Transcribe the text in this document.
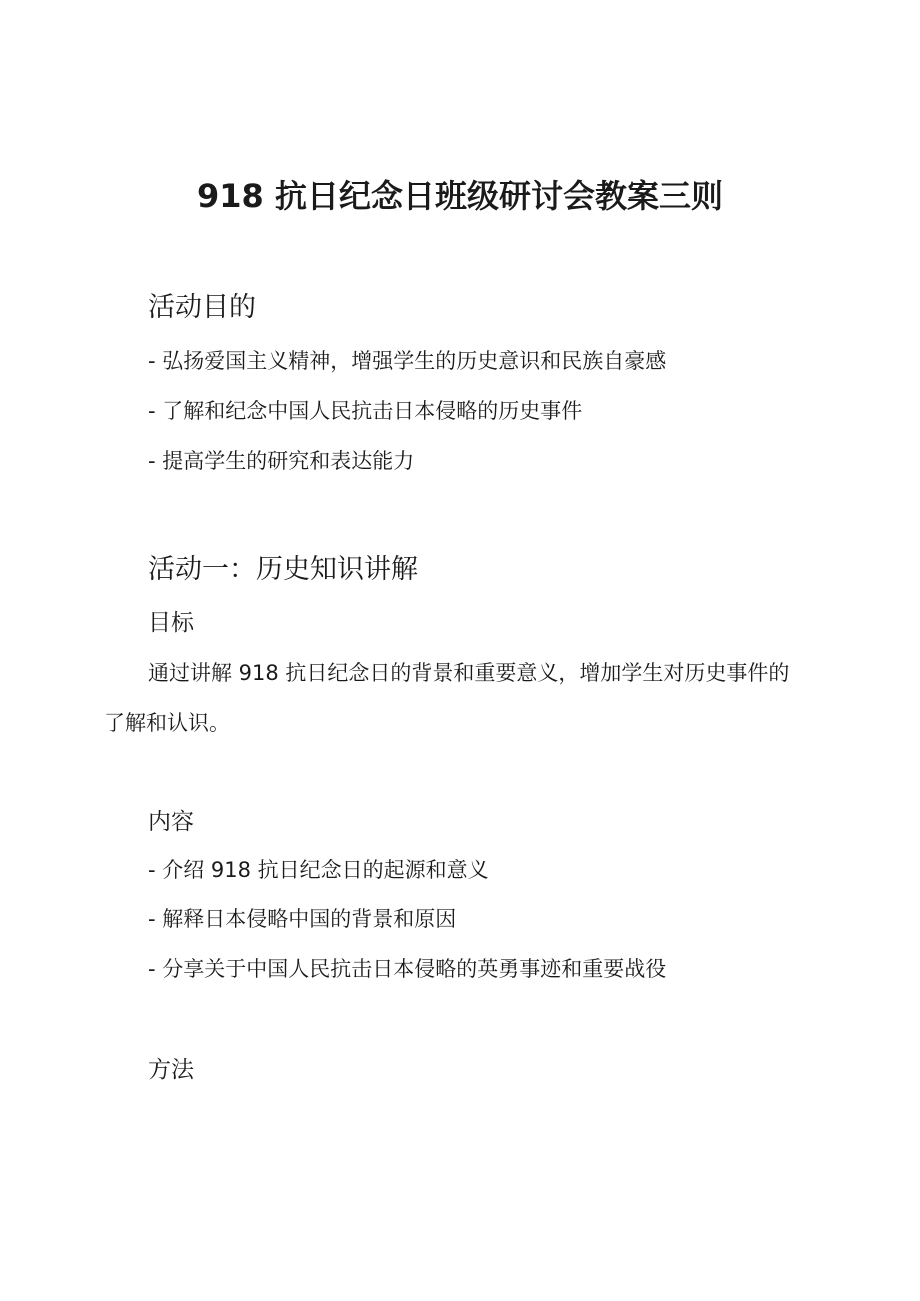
918 抗日纪念日班级研讨会教案三则
活动目的

- 弘扬爱国主义精神，增强学生的历史意识和民族自豪感

- 了解和纪念中国人民抗击日本侵略的历史事件

- 提高学生的研究和表达能力

活动一：历史知识讲解
目标

通过讲解 918 抗日纪念日的背景和重要意义，增加学生对历史事件的了解和认识。

内容

- 介绍 918 抗日纪念日的起源和意义

- 解释日本侵略中国的背景和原因

- 分享关于中国人民抗击日本侵略的英勇事迹和重要战役

方法
